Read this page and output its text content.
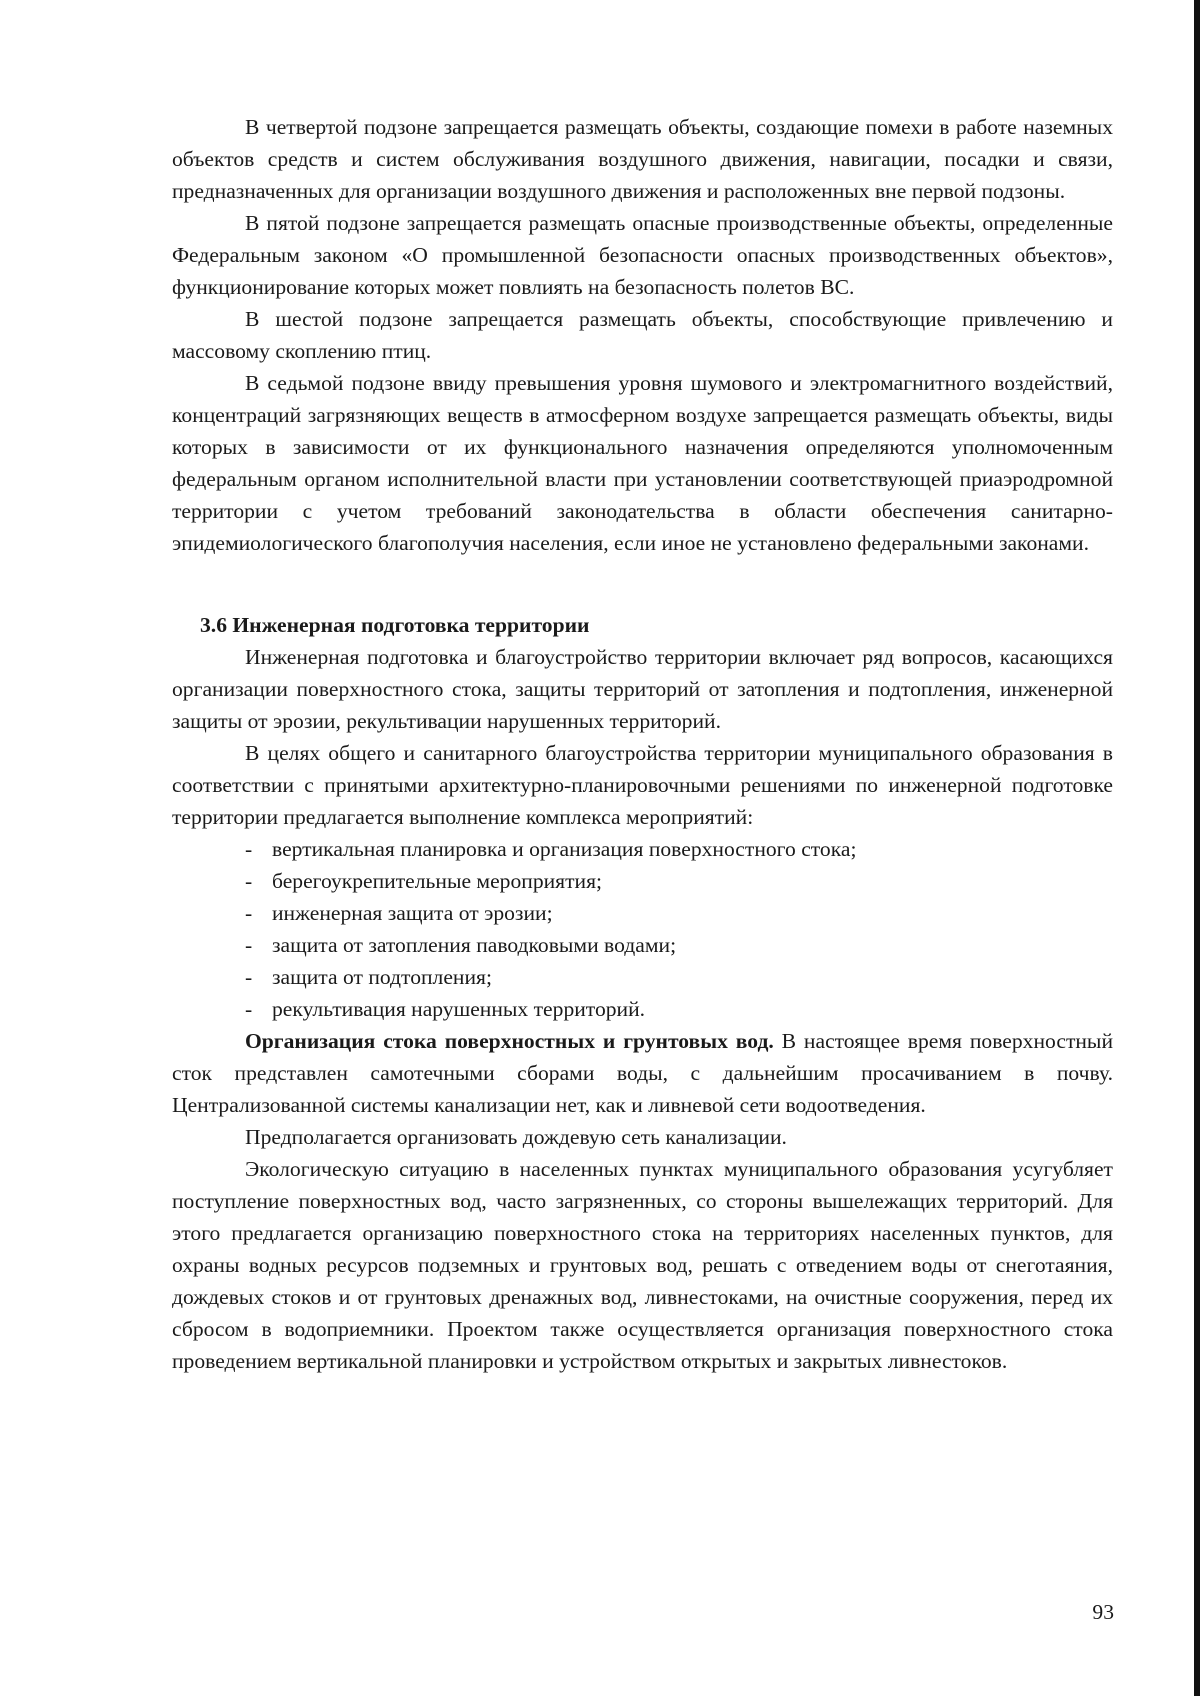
В четвертой подзоне запрещается размещать объекты, создающие помехи в работе наземных объектов средств и систем обслуживания воздушного движения, навигации, посадки и связи, предназначенных для организации воздушного движения и расположенных вне первой подзоны.

В пятой подзоне запрещается размещать опасные производственные объекты, определенные Федеральным законом «О промышленной безопасности опасных производственных объектов», функционирование которых может повлиять на безопасность полетов ВС.

В шестой подзоне запрещается размещать объекты, способствующие привлечению и массовому скоплению птиц.

В седьмой подзоне ввиду превышения уровня шумового и электромагнитного воздействий, концентраций загрязняющих веществ в атмосферном воздухе запрещается размещать объекты, виды которых в зависимости от их функционального назначения определяются уполномоченным федеральным органом исполнительной власти при установлении соответствующей приаэродромной территории с учетом требований законодательства в области обеспечения санитарно-эпидемиологического благополучия населения, если иное не установлено федеральными законами.

3.6 Инженерная подготовка территории

Инженерная подготовка и благоустройство территории включает ряд вопросов, касающихся организации поверхностного стока, защиты территорий от затопления и подтопления, инженерной защиты от эрозии, рекультивации нарушенных территорий.

В целях общего и санитарного благоустройства территории муниципального образования в соответствии с принятыми архитектурно-планировочными решениями по инженерной подготовке территории предлагается выполнение комплекса мероприятий:

- вертикальная планировка и организация поверхностного стока;
- берегоукрепительные мероприятия;
- инженерная защита от эрозии;
- защита от затопления паводковыми водами;
- защита от подтопления;
- рекультивация нарушенных территорий.

Организация стока поверхностных и грунтовых вод. В настоящее время поверхностный сток представлен самотечными сборами воды, с дальнейшим просачиванием в почву. Централизованной системы канализации нет, как и ливневой сети водоотведения.

Предполагается организовать дождевую сеть канализации.

Экологическую ситуацию в населенных пунктах муниципального образования усугубляет поступление поверхностных вод, часто загрязненных, со стороны вышележащих территорий. Для этого предлагается организацию поверхностного стока на территориях населенных пунктов, для охраны водных ресурсов подземных и грунтовых вод, решать с отведением воды от снеготаяния, дождевых стоков и от грунтовых дренажных вод, ливнестоками, на очистные сооружения, перед их сбросом в водоприемники. Проектом также осуществляется организация поверхностного стока проведением вертикальной планировки и устройством открытых и закрытых ливнестоков.

93
